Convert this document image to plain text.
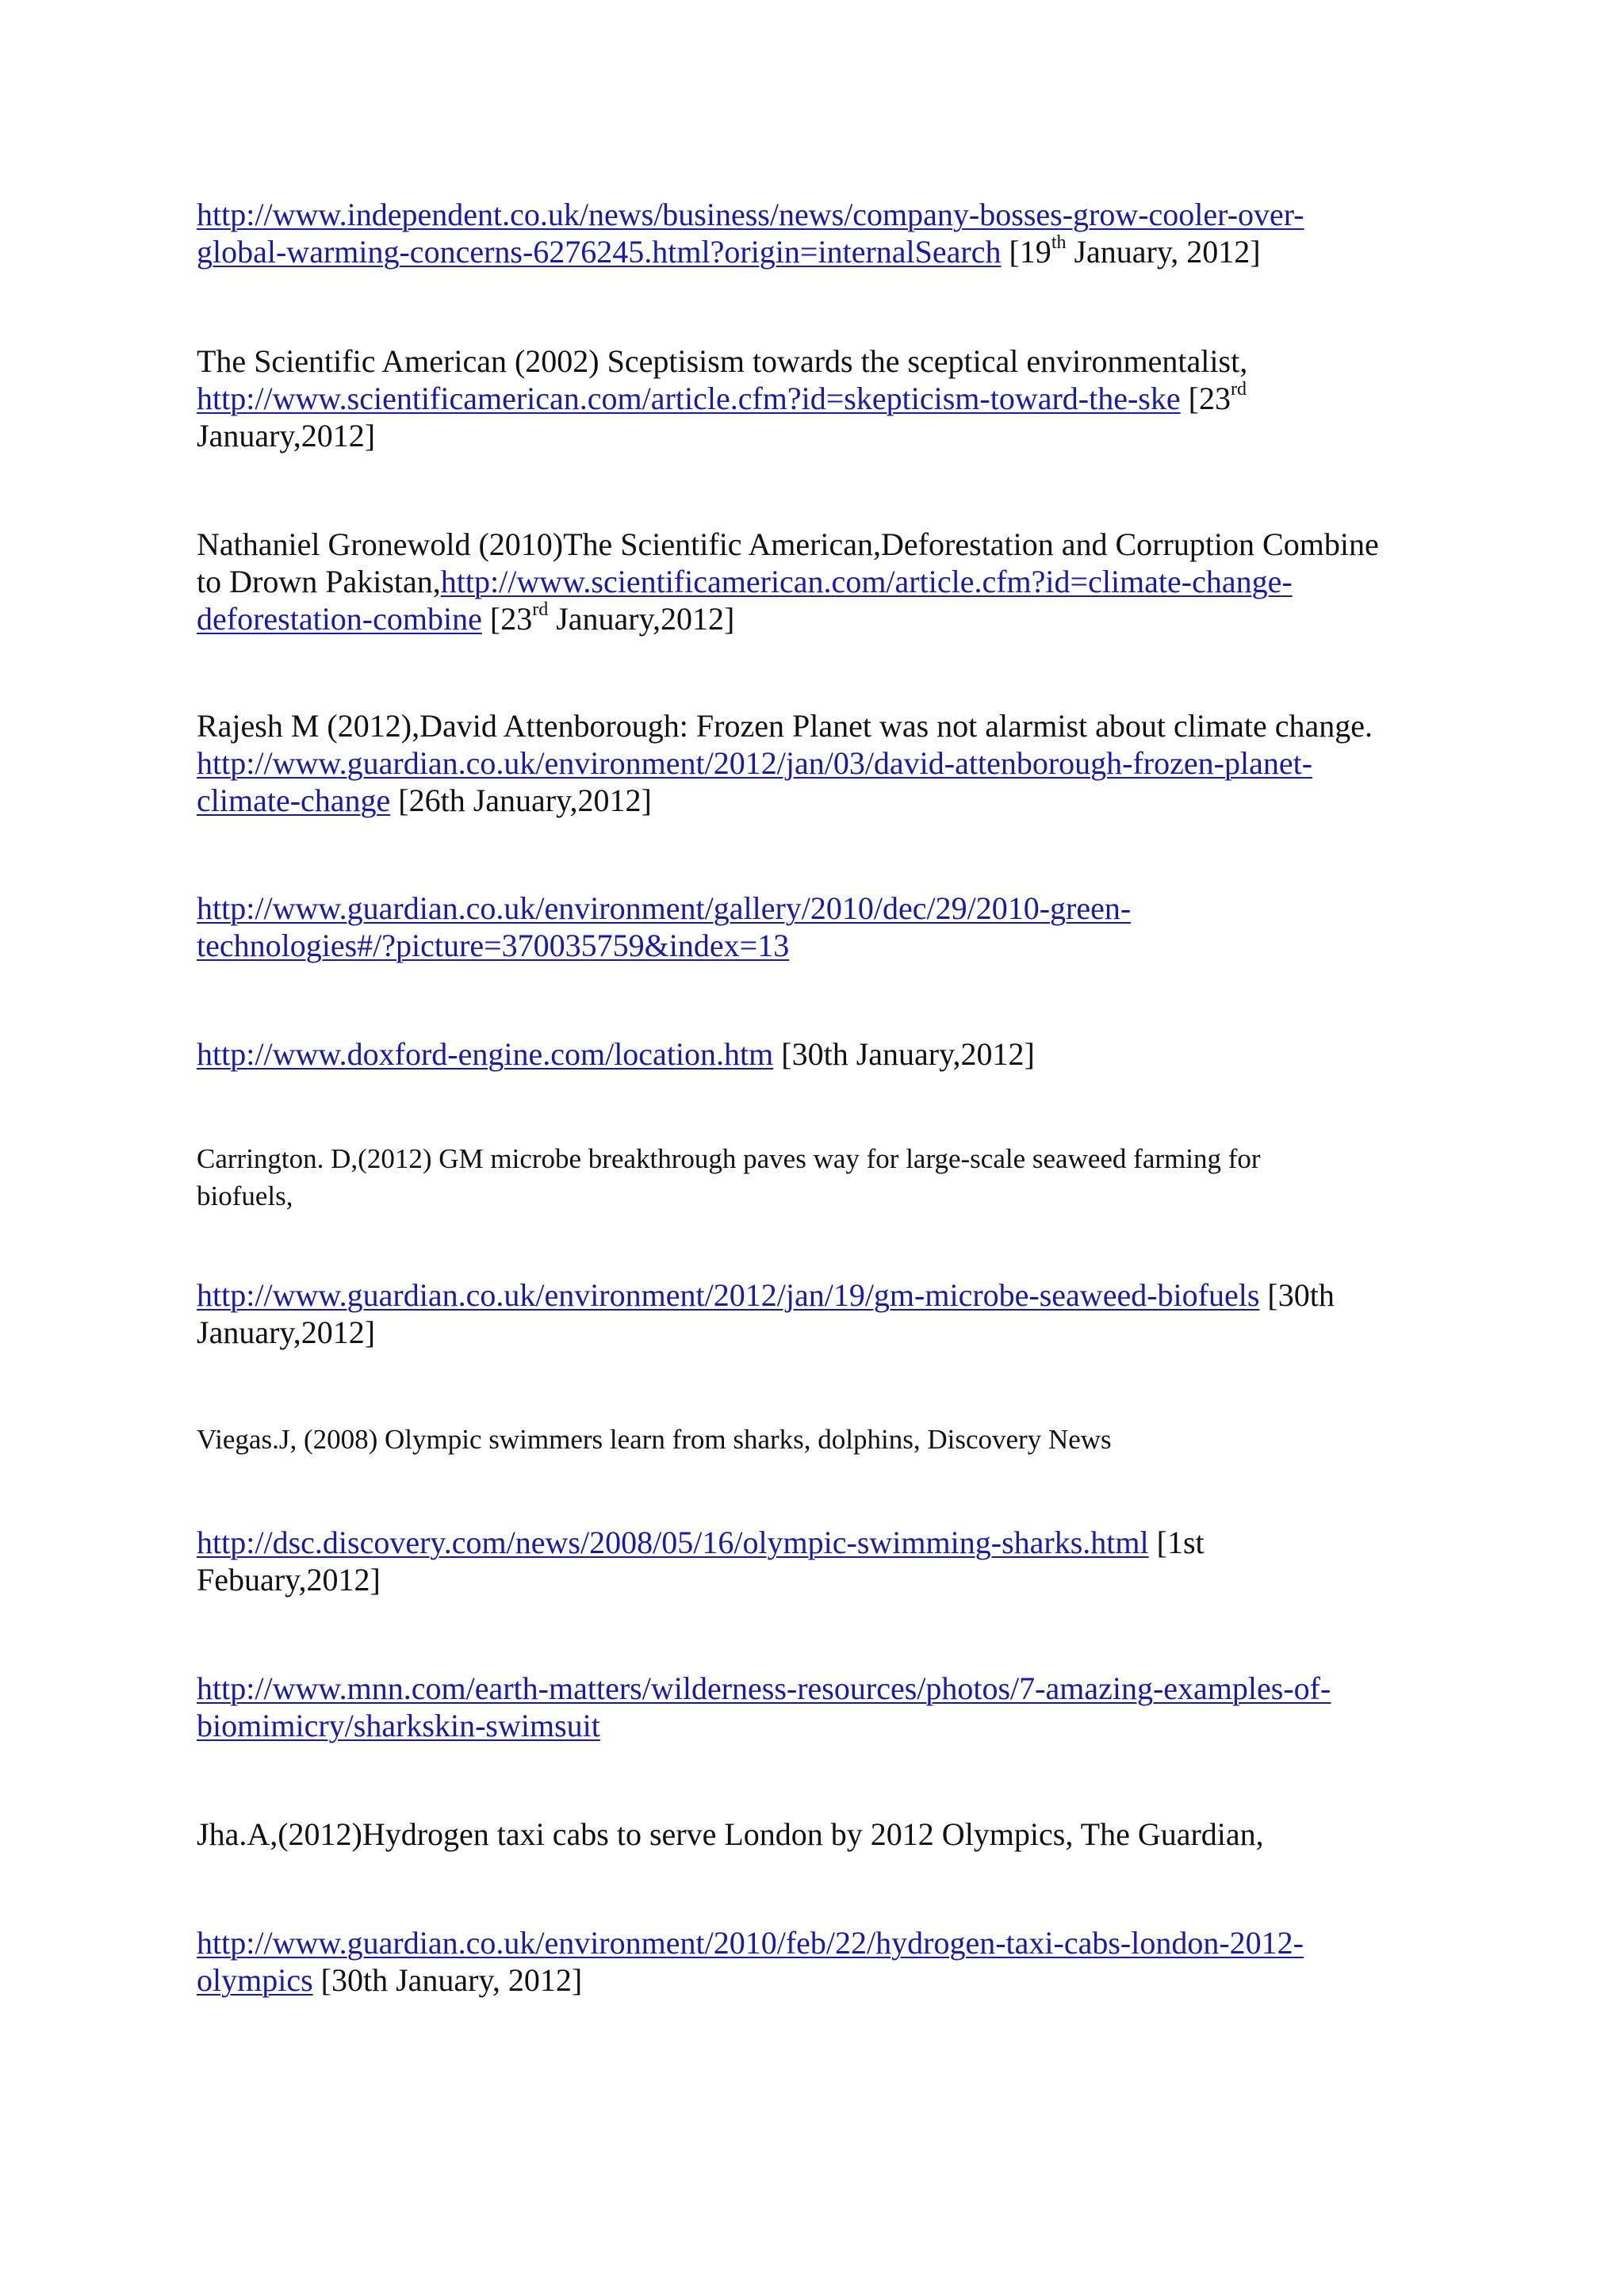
http://www.independent.co.uk/news/business/news/company-bosses-grow-cooler-over-
global-warming-concerns-6276245.html?origin=internalSearch [19th January, 2012]
The Scientific American (2002) Sceptisism towards the sceptical environmentalist,
http://www.scientificamerican.com/article.cfm?id=skepticism-toward-the-ske [23rd
January,2012]
Nathaniel Gronewold (2010)The Scientific American,Deforestation and Corruption Combine
to Drown Pakistan,http://www.scientificamerican.com/article.cfm?id=climate-change-
deforestation-combine [23rd January,2012]
Rajesh M (2012),David Attenborough: Frozen Planet was not alarmist about climate change.
http://www.guardian.co.uk/environment/2012/jan/03/david-attenborough-frozen-planet-
climate-change [26th January,2012]
http://www.guardian.co.uk/environment/gallery/2010/dec/29/2010-green-
technologies#/?picture=370035759&index=13
http://www.doxford-engine.com/location.htm [30th January,2012]
Carrington. D,(2012) GM microbe breakthrough paves way for large-scale seaweed farming for
biofuels,
http://www.guardian.co.uk/environment/2012/jan/19/gm-microbe-seaweed-biofuels [30th
January,2012]
Viegas.J, (2008) Olympic swimmers learn from sharks, dolphins, Discovery News
http://dsc.discovery.com/news/2008/05/16/olympic-swimming-sharks.html [1st
Febuary,2012]
http://www.mnn.com/earth-matters/wilderness-resources/photos/7-amazing-examples-of-
biomimicry/sharkskin-swimsuit
Jha.A,(2012)Hydrogen taxi cabs to serve London by 2012 Olympics, The Guardian,
http://www.guardian.co.uk/environment/2010/feb/22/hydrogen-taxi-cabs-london-2012-
olympics [30th January, 2012]
